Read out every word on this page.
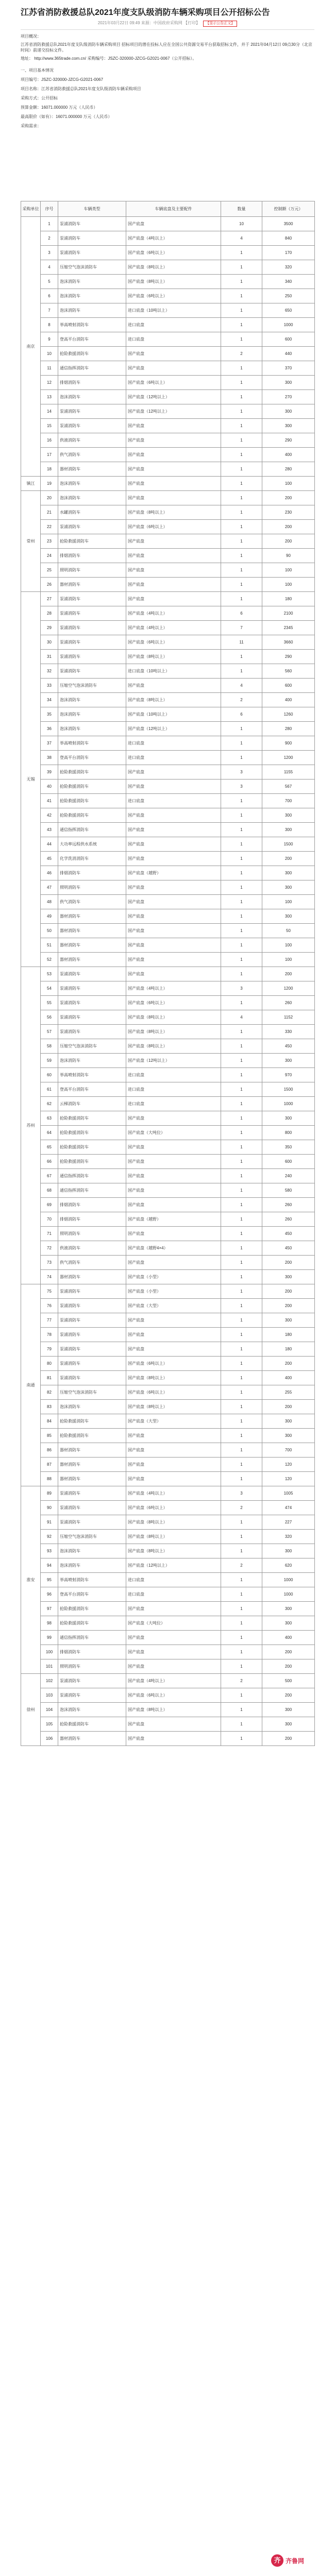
江苏省消防救援总队2021年度支队级消防车辆采购项目公开招标公告
2021年03月22日 09:49 来源：中国政府采购网 【打印】 【显示公告正文】
项目概况：
江苏省消防救援总队2021年度支队级消防车辆采购项目 招标项目的潜在投标人应在全国公共资源交易平台获取招标文件，并于 2021年04月12日 09点30分（北京时间）前递交投标文件。
地址： http://www.365trade.com.cn/ 采购编号：JSZC-320000-JZCG-G2021-0067（公开招标）。
一、项目基本情况
项目编号：JSZC-320000-JZCG-G2021-0067
项目名称：江苏省消防救援总队2021年度支队级消防车辆采购项目
采购方式：公开招标
预算金额：16071.000000 万元（人民币）
最高限价（如有）：16071.000000 万元（人民币）
采购需求：
采购单位	序号	车辆类型	车辆底盘及主要配件	数量	控制额（万元）
南京	1	泵浦消防车	国产底盘	10	3500
	2	泵浦消防车	国产底盘（4吨以上）	4	840
	3	泵浦消防车	国产底盘（6吨以上）	1	170
	4	压缩空气泡沫消防车	国产底盘（8吨以上）	1	320
	5	泡沫消防车	国产底盘（8吨以上）	1	340
	6	泡沫消防车	国产底盘（6吨以上）	1	250
	7	泡沫消防车	进口底盘（10吨以上）	1	650
	8	举高喷射消防车	进口底盘	1	1000
	9	登高平台消防车	进口底盘	1	600
	10	抢险救援消防车	国产底盘	2	440
	11	通信指挥消防车	国产底盘	1	370
	12	排烟消防车	国产底盘（6吨以上）	1	300
	13	泡沫消防车	国产底盘（12吨以上）	1	270
	14	泵浦消防车	国产底盘（12吨以上）	1	300
	15	泵浦消防车	国产底盘	1	300
	16	供液消防车	国产底盘	1	290
	17	供气消防车	国产底盘	1	400
	18	器材消防车	国产底盘	1	280
镇江	19	泡沫消防车	国产底盘	1	100
常州	20	泡沫消防车	国产底盘	1	200
	21	水罐消防车	国产底盘（8吨以上）	1	230
	22	泵浦消防车	国产底盘（6吨以上）	1	200
	23	抢险救援消防车	国产底盘	1	200
	24	排烟消防车	国产底盘	1	90
	25	照明消防车	国产底盘	1	100
	26	器材消防车	国产底盘	1	100
无锡	27	泵浦消防车	国产底盘	1	180
	28	泵浦消防车	国产底盘（4吨以上）	6	2100
	29	泵浦消防车	国产底盘（4吨以上）	7	2345
	30	泵浦消防车	国产底盘（6吨以上）	11	3660
	31	泵浦消防车	国产底盘（8吨以上）	1	290
	32	泵浦消防车	进口底盘（10吨以上）	1	560
	33	压缩空气泡沫消防车	国产底盘	4	600
	34	泡沫消防车	国产底盘（8吨以上）	2	400
	35	泡沫消防车	国产底盘（10吨以上）	6	1260
	36	泡沫消防车	国产底盘（12吨以上）	1	280
	37	举高喷射消防车	进口底盘	1	900
	38	登高平台消防车	进口底盘	1	1200
	39	抢险救援消防车	国产底盘	3	1155
	40	抢险救援消防车	国产底盘	3	567
	41	抢险救援消防车	进口底盘	1	700
	42	抢险救援消防车	国产底盘	1	300
	43	通信指挥消防车	国产底盘	1	300
	44	大功率远程供水系统	国产底盘	1	1500
	45	化学洗消消防车	国产底盘	1	200
	46	排烟消防车	国产底盘（越野）	1	300
	47	照明消防车	国产底盘	1	300
	48	供气消防车	国产底盘	1	100
	49	器材消防车	国产底盘	1	300
	50	器材消防车	国产底盘	1	50
	51	器材消防车	国产底盘	1	100
	52	器材消防车	国产底盘	1	100
苏州	53	泵浦消防车	国产底盘	1	200
	54	泵浦消防车	国产底盘（4吨以上）	3	1200
	55	泵浦消防车	国产底盘（6吨以上）	1	260
	56	泵浦消防车	国产底盘（8吨以上）	4	1152
	57	泵浦消防车	国产底盘（8吨以上）	1	330
	58	压缩空气泡沫消防车	国产底盘（8吨以上）	1	450
	59	泡沫消防车	国产底盘（12吨以上）	1	300
	60	举高喷射消防车	进口底盘	1	970
	61	登高平台消防车	进口底盘	1	1500
	62	云梯消防车	进口底盘	1	1000
	63	抢险救援消防车	国产底盘	1	300
	64	抢险救援消防车	国产底盘（大吨位）	1	800
	65	抢险救援消防车	国产底盘	1	350
	66	抢险救援消防车	国产底盘	1	600
	67	通信指挥消防车	国产底盘	1	240
	68	通信指挥消防车	国产底盘	1	580
	69	排烟消防车	国产底盘	1	260
	70	排烟消防车	国产底盘（越野）	1	260
	71	照明消防车	国产底盘	1	450
	72	供液消防车	国产底盘（越野4×4）	1	450
	73	供气消防车	国产底盘	1	200
	74	器材消防车	国产底盘（小型）	1	300
南通	75	泵浦消防车	国产底盘（小型）	1	200
	76	泵浦消防车	国产底盘（大型）	1	200
	77	泵浦消防车	国产底盘	1	300
	78	泵浦消防车	国产底盘	1	180
	79	泵浦消防车	国产底盘	1	180
	80	泵浦消防车	国产底盘（6吨以上）	1	200
	81	泵浦消防车	国产底盘（8吨以上）	1	400
	82	压缩空气泡沫消防车	国产底盘（6吨以上）	1	255
	83	泡沫消防车	国产底盘（8吨以上）	1	200
	84	抢险救援消防车	国产底盘（大型）	1	300
	85	抢险救援消防车	国产底盘	1	300
	86	器材消防车	国产底盘	1	700
	87	器材消防车	国产底盘	1	120
	88	器材消防车	国产底盘	1	120
淮安	89	泵浦消防车	国产底盘（4吨以上）	3	1005
	90	泵浦消防车	国产底盘（6吨以上）	2	474
	91	泵浦消防车	国产底盘（8吨以上）	1	227
	92	压缩空气泡沫消防车	国产底盘（8吨以上）	1	320
	93	泡沫消防车	国产底盘（8吨以上）	1	300
	94	泡沫消防车	国产底盘（12吨以上）	2	620
	95	举高喷射消防车	进口底盘	1	1000
	96	登高平台消防车	进口底盘	1	1000
	97	抢险救援消防车	国产底盘	1	300
	98	抢险救援消防车	国产底盘（大吨位）	1	300
	99	通信指挥消防车	国产底盘	1	400
	100	排烟消防车	国产底盘	1	200
	101	照明消防车	国产底盘	1	200
徐州	102	泵浦消防车	国产底盘（4吨以上）	2	500
	103	泵浦消防车	国产底盘（6吨以上）	1	200
	104	泡沫消防车	国产底盘（8吨以上）	1	300
	105	抢险救援消防车	国产底盘	1	300
	106	器材消防车	国产底盘	1	200
齐 齐鲁网
